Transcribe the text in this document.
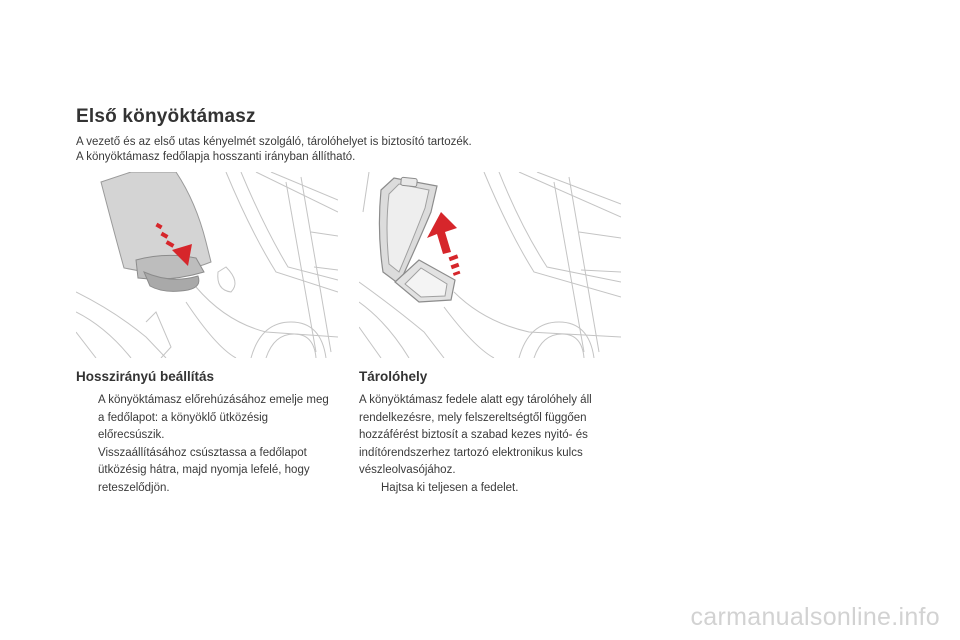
Első könyöktámasz

A vezető és az első utas kényelmét szolgáló, tárolóhelyet is biztosító tartozék.

A könyöktámasz fedőlapja hosszanti irányban állítható.

Hosszirányú beállítás	Tárolóhely
A könyöktámasz előrehúzásához emelje meg a fedőlapot: a könyöklő ütközésig előrecsúszik.
Visszaállításához csúsztassa a fedőlapot ütközésig hátra, majd nyomja lefelé, hogy reteszelődjön.

A könyöktámasz fedele alatt egy tárolóhely áll rendelkezésre, mely felszereltségtől függően hozzáférést biztosít a szabad kezes nyitó- és indítórendszerhez tartozó elektronikus kulcs vészleolvasójához.

Hajtsa ki teljesen a fedelet.
carmanualsonline.info
